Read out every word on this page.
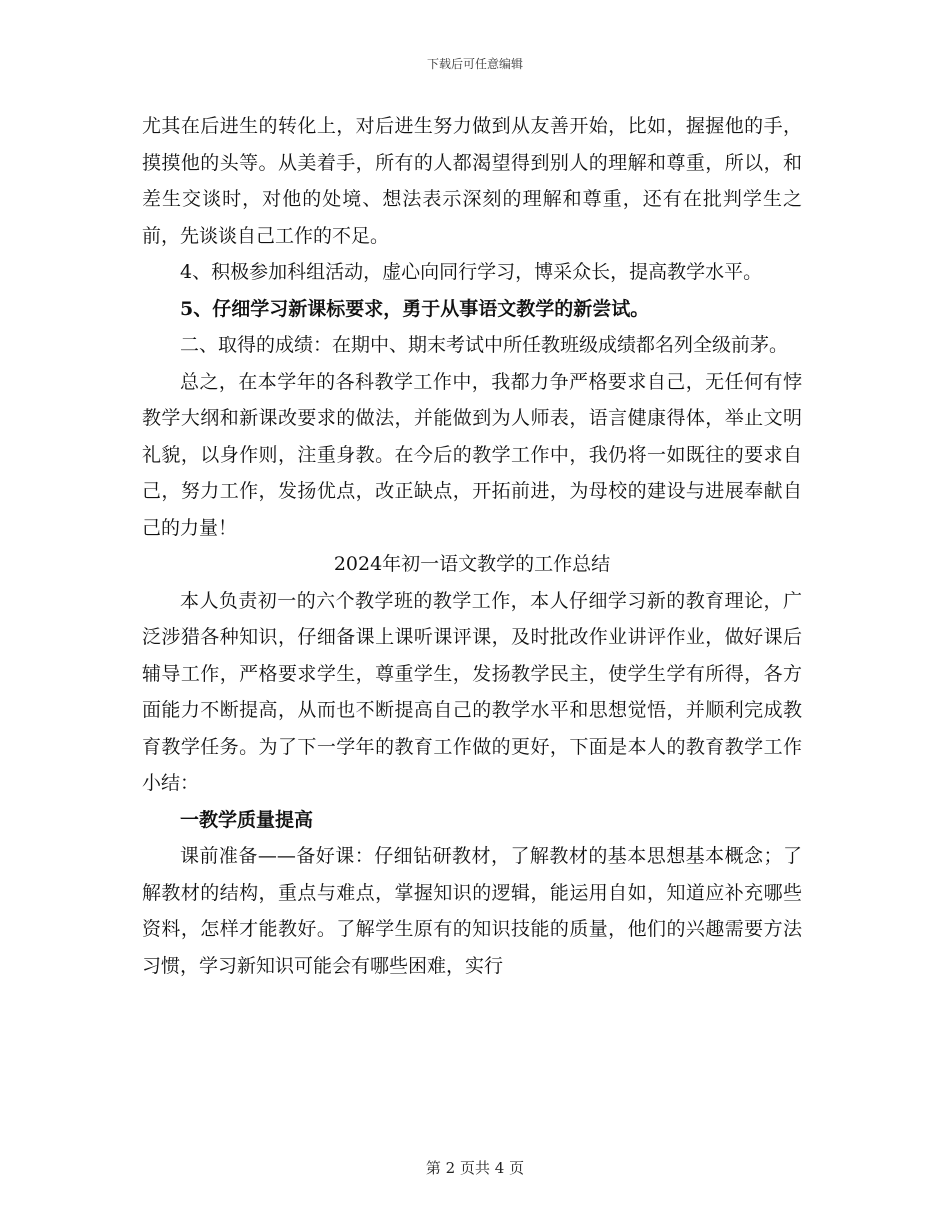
下载后可任意编辑

尤其在后进生的转化上，对后进生努力做到从友善开始，比如，握握他的手，摸摸他的头等。从美着手，所有的人都渴望得到别人的理解和尊重，所以，和差生交谈时，对他的处境、想法表示深刻的理解和尊重，还有在批判学生之前，先谈谈自己工作的不足。

4、积极参加科组活动，虚心向同行学习，博采众长，提高教学水平。

5、仔细学习新课标要求，勇于从事语文教学的新尝试。

二、取得的成绩：在期中、期末考试中所任教班级成绩都名列全级前茅。

总之，在本学年的各科教学工作中，我都力争严格要求自己，无任何有悖教学大纲和新课改要求的做法，并能做到为人师表，语言健康得体，举止文明礼貌，以身作则，注重身教。在今后的教学工作中，我仍将一如既往的要求自己，努力工作，发扬优点，改正缺点，开拓前进，为母校的建设与进展奉献自己的力量！

2024年初一语文教学的工作总结

本人负责初一的六个教学班的教学工作，本人仔细学习新的教育理论，广泛涉猎各种知识，仔细备课上课听课评课，及时批改作业讲评作业，做好课后辅导工作，严格要求学生，尊重学生，发扬教学民主，使学生学有所得，各方面能力不断提高，从而也不断提高自己的教学水平和思想觉悟，并顺利完成教育教学任务。为了下一学年的教育工作做的更好，下面是本人的教育教学工作小结：

一教学质量提高

课前准备——备好课：仔细钻研教材，了解教材的基本思想基本概念；了解教材的结构，重点与难点，掌握知识的逻辑，能运用自如，知道应补充哪些资料，怎样才能教好。了解学生原有的知识技能的质量，他们的兴趣需要方法习惯，学习新知识可能会有哪些困难，实行

第 2 页共 4 页
